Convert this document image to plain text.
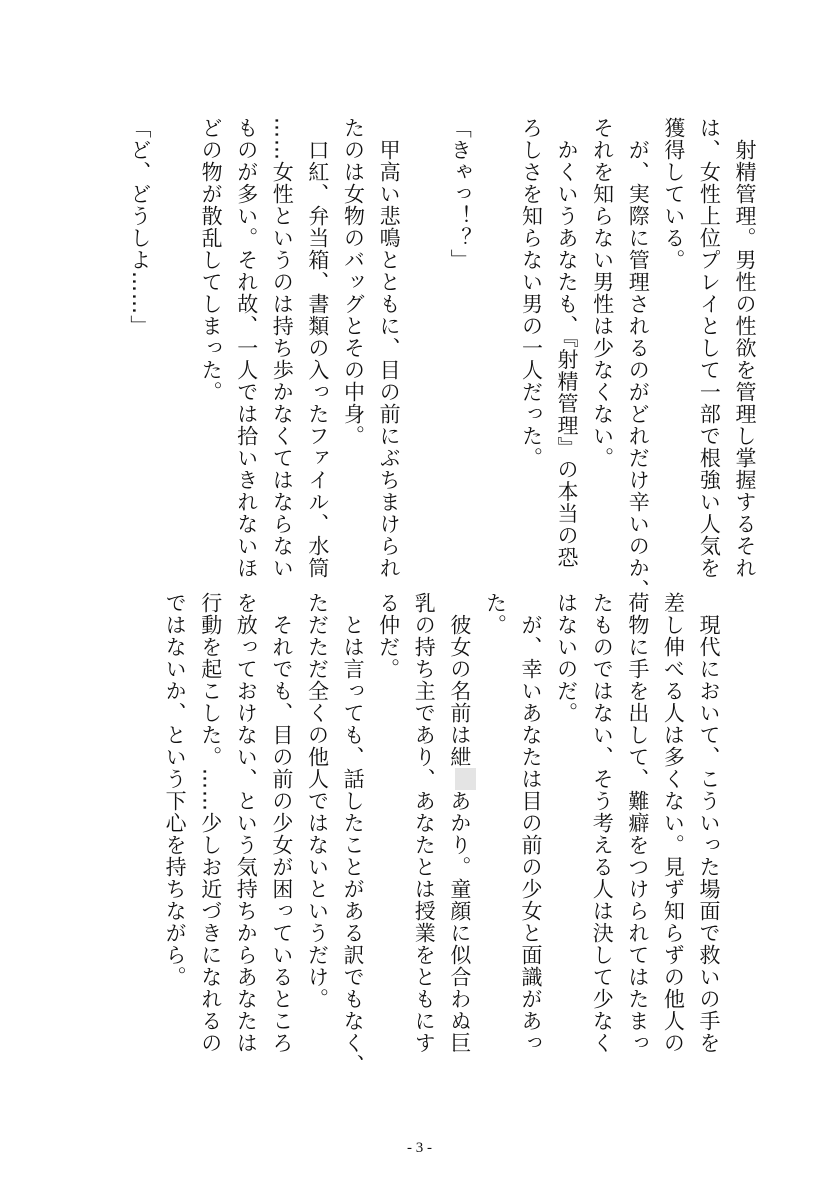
　射精管理。男性の性欲を管理し掌握するそれ
は、女性上位プレイとして一部で根強い人気を
獲得している。
　が、実際に管理されるのがどれだけ辛いのか、
それを知らない男性は少なくない。
　かくいうあなたも、『射精管理』の本当の恐
ろしさを知らない男の一人だった。
「きゃっ！？」
　甲高い悲鳴とともに、目の前にぶちまけられ
たのは女物のバッグとその中身。
　口紅、弁当箱、書類の入ったファイル、水筒
……女性というのは持ち歩かなくてはならない
ものが多い。それ故、一人では拾いきれないほ
どの物が散乱してしまった。
「ど、どうしよ……」
　現代において、こういった場面で救いの手を
差し伸べる人は多くない。見ず知らずの他人の
荷物に手を出して、難癖をつけられてはたまっ
たものではない、そう考える人は決して少なく
はないのだ。
　が、幸いあなたは目の前の少女と面識があっ
た。
　彼女の名前は紲あかり。童顔に似合わぬ巨
乳の持ち主であり、あなたとは授業をともにす
る仲だ。
　とは言っても、話したことがある訳でもなく、
ただただ全くの他人ではないというだけ。
　それでも、目の前の少女が困っているところ
を放っておけない、という気持ちからあなたは
行動を起こした。……少しお近づきになれるの
ではないか、という下心を持ちながら。
- 3 -
